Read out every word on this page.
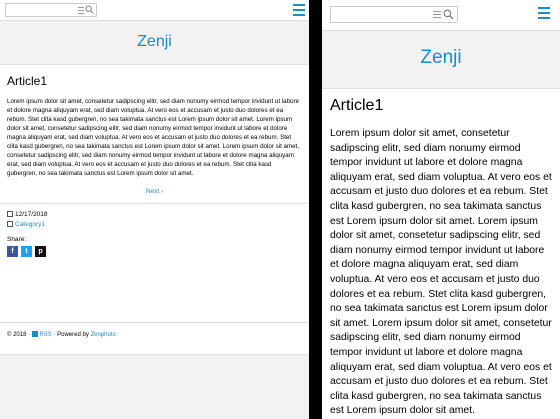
Zenji
Article1
Lorem ipsum dolor sit amet, consetetur sadipscing elitr, sed diam nonumy eirmod tempor invidunt ut labore et dolore magna aliquyam erat, sed diam voluptua. At vero eos et accusam et justo duo dolores et ea rebum. Stet clita kasd gubergren, no sea takimata sanctus est Lorem ipsum dolor sit amet. Lorem ipsum dolor sit amet, consetetur sadipscing elitr, sed diam nonumy eirmod tempor invidunt ut labore et dolore magna aliquyam erat, sed diam voluptua. At vero eos et accusam et justo duo dolores et ea rebum. Stet clita kasd gubergren, no sea takimata sanctus est Lorem ipsum dolor sit amet. Lorem ipsum dolor sit amet, consetetur sadipscing elitr, sed diam nonumy eirmod tempor invidunt ut labore et dolore magna aliquyam erat, sed diam voluptua. At vero eos et accusam et justo duo dolores et ea rebum. Stet clita kasd gubergren, no sea takimata sanctus est Lorem ipsum dolor sit amet.
Next ›
12/17/2018
Category1
Share:
f	t	p
© 2018 · RSS · Powered by Zenphoto
Zenji
Article1
Lorem ipsum dolor sit amet, consetetur sadipscing elitr, sed diam nonumy eirmod tempor invidunt ut labore et dolore magna aliquyam erat, sed diam voluptua. At vero eos et accusam et justo duo dolores et ea rebum. Stet clita kasd gubergren, no sea takimata sanctus est Lorem ipsum dolor sit amet. Lorem ipsum dolor sit amet, consetetur sadipscing elitr, sed diam nonumy eirmod tempor invidunt ut labore et dolore magna aliquyam erat, sed diam voluptua. At vero eos et accusam et justo duo dolores et ea rebum. Stet clita kasd gubergren, no sea takimata sanctus est Lorem ipsum dolor sit amet. Lorem ipsum dolor sit amet, consetetur sadipscing elitr, sed diam nonumy eirmod tempor invidunt ut labore et dolore magna aliquyam erat, sed diam voluptua. At vero eos et accusam et justo duo dolores et ea rebum. Stet clita kasd gubergren, no sea takimata sanctus est Lorem ipsum dolor sit amet.
